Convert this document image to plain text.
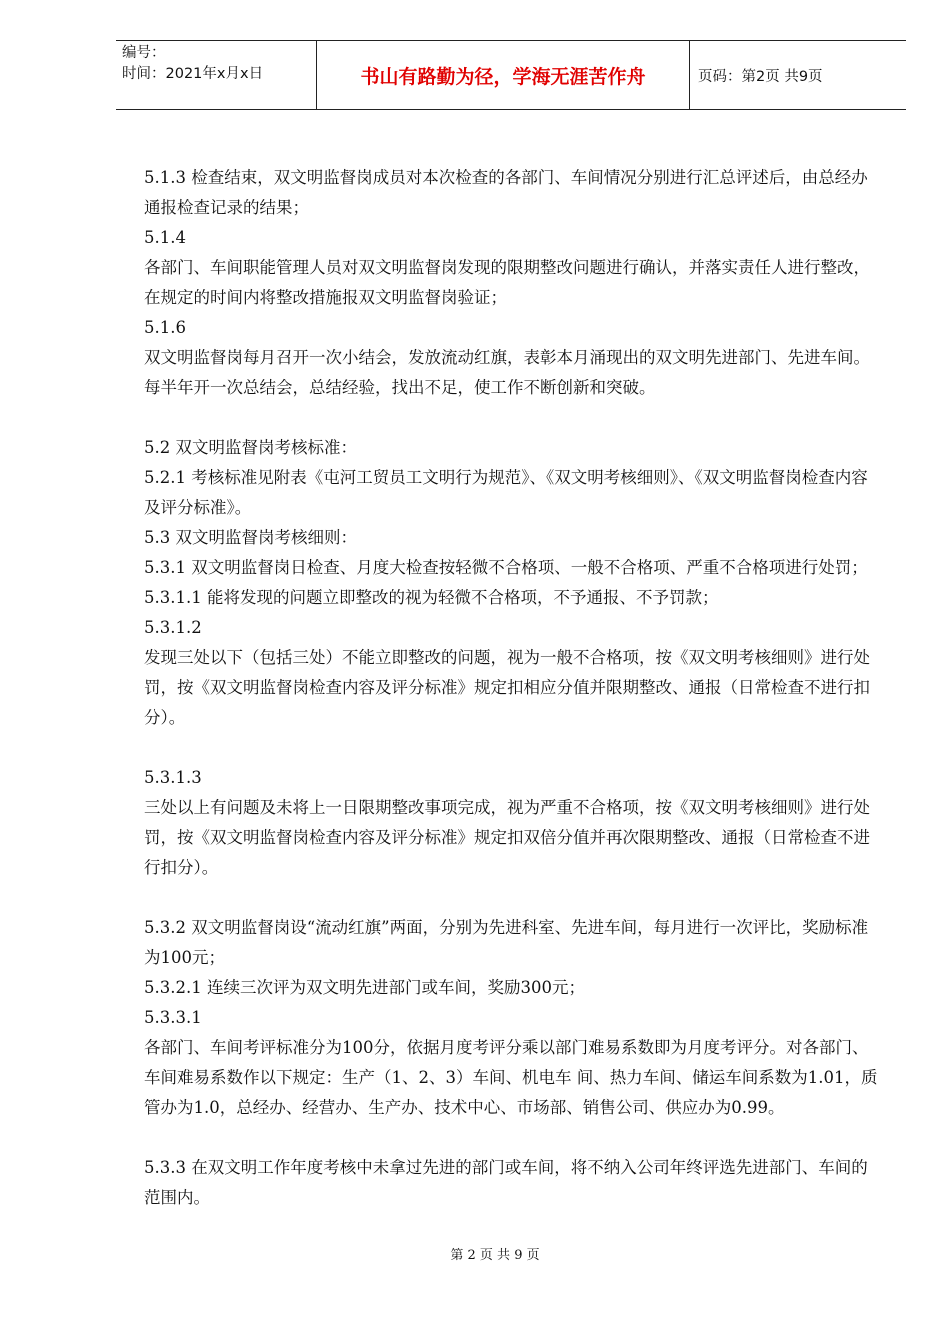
编号：
时间：2021年x月x日	书山有路勤为径，学海无涯苦作舟	页码：第2页 共9页

5.1.3 检查结束，双文明监督岗成员对本次检查的各部门、车间情况分别进行汇总评述后，由总经办通报检查记录的结果；

5.1.4

各部门、车间职能管理人员对双文明监督岗发现的限期整改问题进行确认，并落实责任人进行整改，在规定的时间内将整改措施报双文明监督岗验证；

5.1.6

双文明监督岗每月召开一次小结会，发放流动红旗，表彰本月涌现出的双文明先进部门、先进车间。每半年开一次总结会，总结经验，找出不足，使工作不断创新和突破。

5.2 双文明监督岗考核标准：

5.2.1 考核标准见附表《屯河工贸员工文明行为规范》、《双文明考核细则》、《双文明监督岗检查内容及评分标准》。

5.3 双文明监督岗考核细则：

5.3.1 双文明监督岗日检查、月度大检查按轻微不合格项、一般不合格项、严重不合格项进行处罚；

5.3.1.1 能将发现的问题立即整改的视为轻微不合格项，不予通报、不予罚款；

5.3.1.2

发现三处以下（包括三处）不能立即整改的问题，视为一般不合格项，按《双文明考核细则》进行处罚，按《双文明监督岗检查内容及评分标准》规定扣相应分值并限期整改、通报（日常检查不进行扣分）。

5.3.1.3

三处以上有问题及未将上一日限期整改事项完成，视为严重不合格项，按《双文明考核细则》进行处罚，按《双文明监督岗检查内容及评分标准》规定扣双倍分值并再次限期整改、通报（日常检查不进行扣分）。

5.3.2 双文明监督岗设“流动红旗”两面，分别为先进科室、先进车间，每月进行一次评比，奖励标准为100元；

5.3.2.1 连续三次评为双文明先进部门或车间，奖励300元；

5.3.3.1

各部门、车间考评标准分为100分，依据月度考评分乘以部门难易系数即为月度考评分。对各部门、车间难易系数作以下规定：生产（1、2、3）车间、机电车 间、热力车间、储运车间系数为1.01，质管办为1.0，总经办、经营办、生产办、技术中心、市场部、销售公司、供应办为0.99。

5.3.3 在双文明工作年度考核中未拿过先进的部门或车间，将不纳入公司年终评选先进部门、车间的范围内。

第 2 页 共 9 页
